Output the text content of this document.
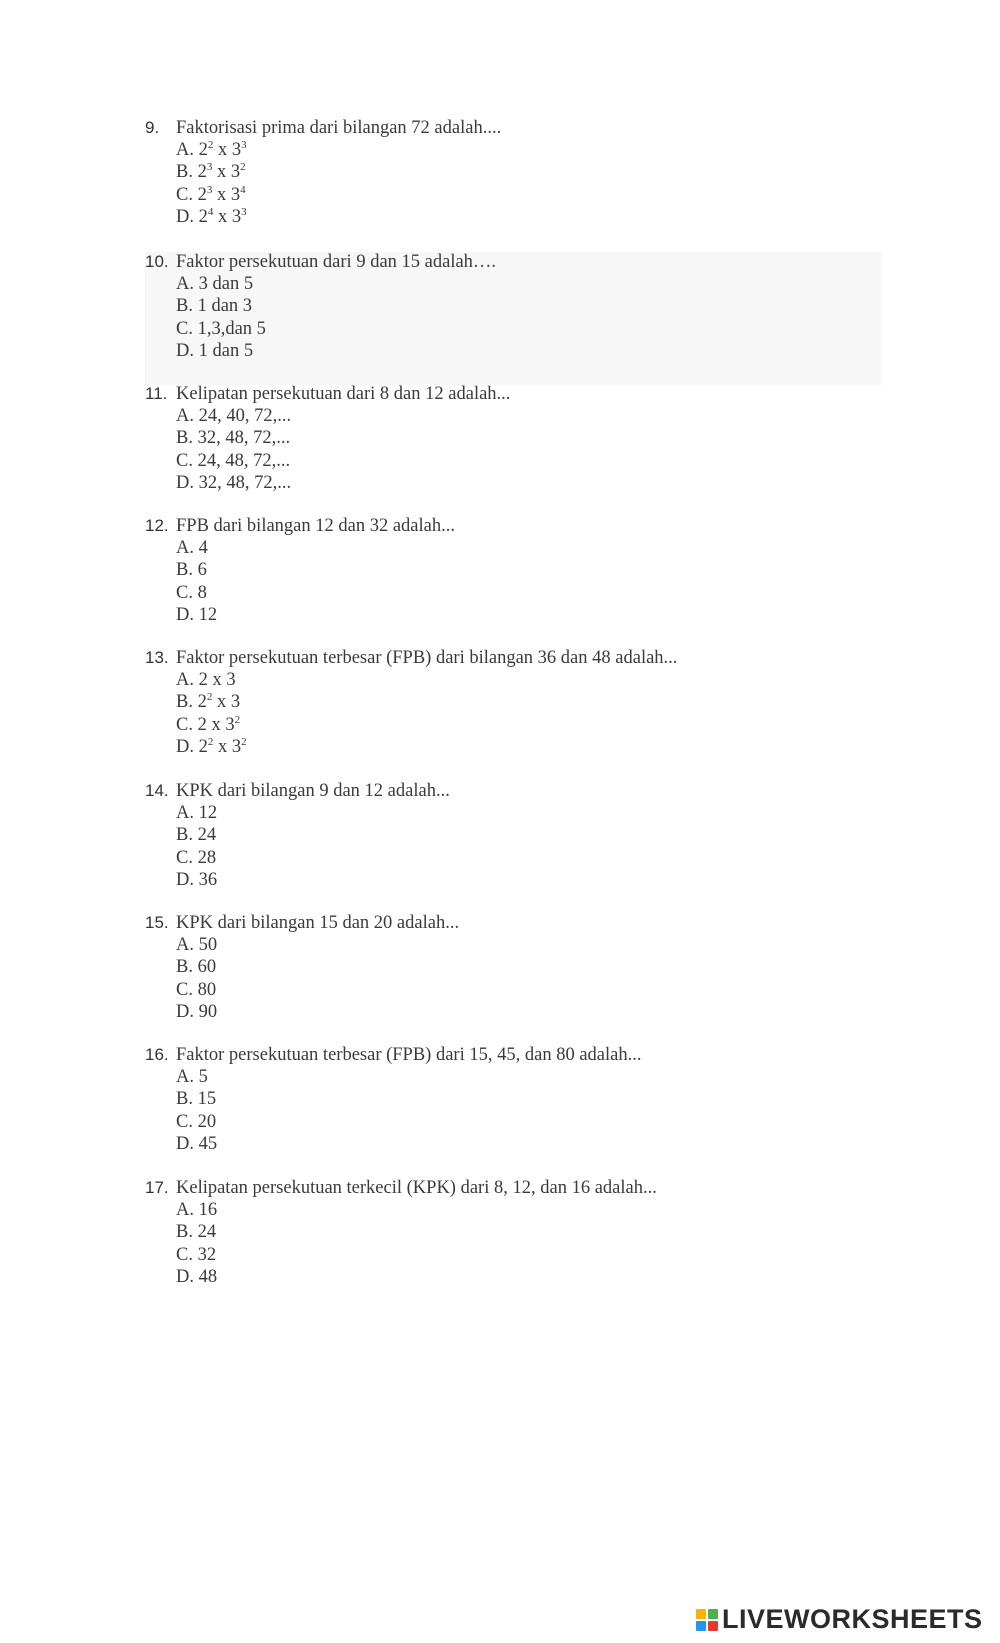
9. Faktorisasi prima dari bilangan 72 adalah....
A. $2^2$ x $3^3$
B. $2^3$ x $3^2$
C. $2^3$ x $3^4$
D. $2^4$ x $3^3$
10. Faktor persekutuan dari 9 dan 15 adalah….
A. 3 dan 5
B. 1 dan 3
C. 1,3,dan 5
D. 1 dan 5
11. Kelipatan persekutuan dari 8 dan 12 adalah...
A. 24, 40, 72,...
B. 32, 48, 72,...
C. 24, 48, 72,...
D. 32, 48, 72,...
12. FPB dari bilangan 12 dan 32 adalah...
A. 4
B. 6
C. 8
D. 12
13. Faktor persekutuan terbesar (FPB) dari bilangan 36 dan 48 adalah...
A. 2 x 3
B. $2^2$ x 3
C. 2 x $3^2$
D. $2^2$ x $3^2$
14. KPK dari bilangan 9 dan 12 adalah...
A. 12
B. 24
C. 28
D. 36
15. KPK dari bilangan 15 dan 20 adalah...
A. 50
B. 60
C. 80
D. 90
16. Faktor persekutuan terbesar (FPB) dari 15, 45, dan 80 adalah...
A. 5
B. 15
C. 20
D. 45
17. Kelipatan persekutuan terkecil (KPK) dari 8, 12, dan 16 adalah...
A. 16
B. 24
C. 32
D. 48
LIVEWORKSHEETS
